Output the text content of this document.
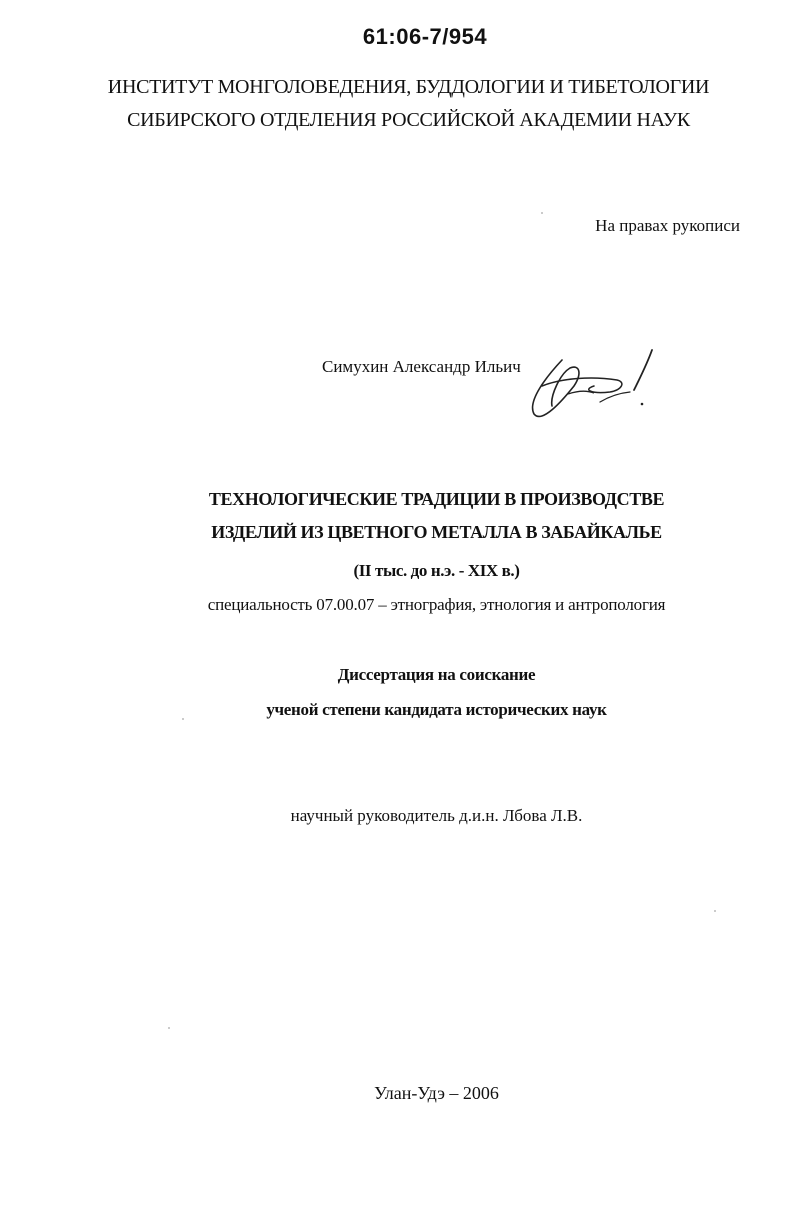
61:06-7/954
ИНСТИТУТ МОНГОЛОВЕДЕНИЯ, БУДДОЛОГИИ И ТИБЕТОЛОГИИ
СИБИРСКОГО ОТДЕЛЕНИЯ РОССИЙСКОЙ АКАДЕМИИ НАУК
На правах рукописи
Симухин Александр Ильич
ТЕХНОЛОГИЧЕСКИЕ ТРАДИЦИИ В ПРОИЗВОДСТВЕ
ИЗДЕЛИЙ ИЗ ЦВЕТНОГО МЕТАЛЛА В ЗАБАЙКАЛЬЕ
(II тыс. до н.э. - XIX в.)
специальность 07.00.07 – этнография, этнология и антропология
Диссертация на соискание
ученой степени кандидата исторических наук
научный руководитель д.и.н. Лбова Л.В.
Улан-Удэ – 2006
